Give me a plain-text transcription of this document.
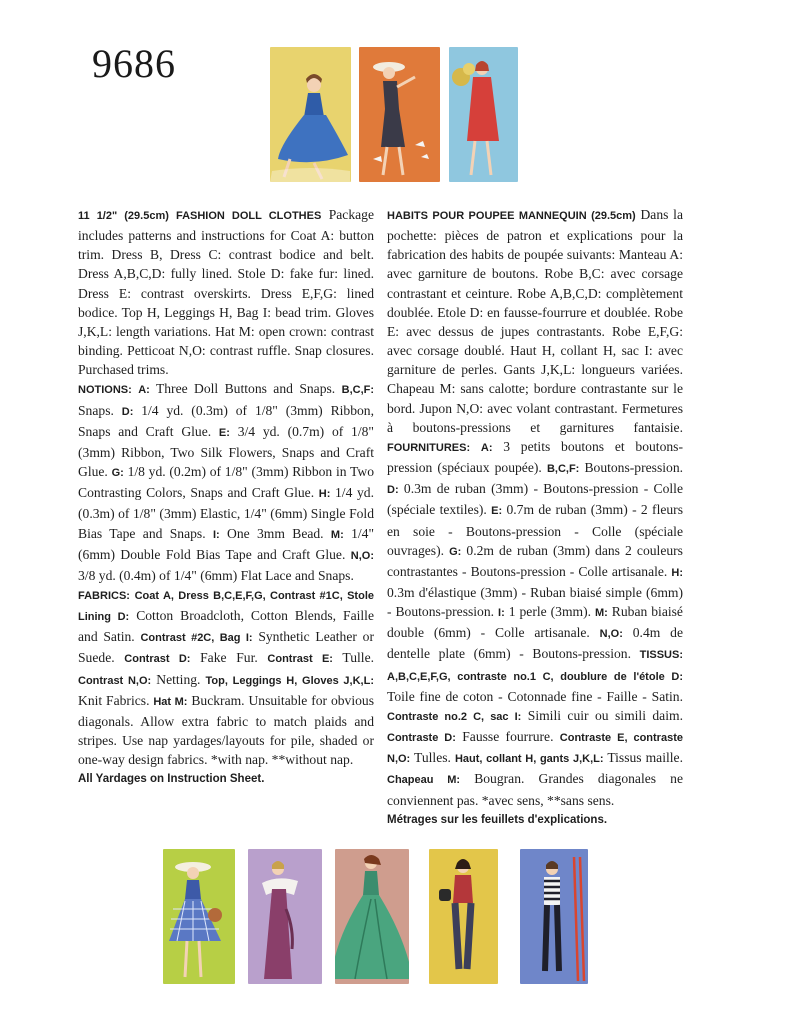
9686

11 1/2" (29.5cm) FASHION DOLL CLOTHES Package includes patterns and instructions for Coat A: button trim. Dress B, Dress C: contrast bodice and belt. Dress A,B,C,D: fully lined. Stole D: fake fur: lined. Dress E: contrast overskirts. Dress E,F,G: lined bodice. Top H, Leggings H, Bag I: bead trim. Gloves J,K,L: length variations. Hat M: open crown: contrast binding. Petticoat N,O: contrast ruffle. Snap closures. Purchased trims.

NOTIONS: A: Three Doll Buttons and Snaps. B,C,F: Snaps. D: 1/4 yd. (0.3m) of 1/8" (3mm) Ribbon, Snaps and Craft Glue. E: 3/4 yd. (0.7m) of 1/8" (3mm) Ribbon, Two Silk Flowers, Snaps and Craft Glue. G: 1/8 yd. (0.2m) of 1/8" (3mm) Ribbon in Two Contrasting Colors, Snaps and Craft Glue. H: 1/4 yd. (0.3m) of 1/8" (3mm) Elastic, 1/4" (6mm) Single Fold Bias Tape and Snaps. I: One 3mm Bead. M: 1/4" (6mm) Double Fold Bias Tape and Craft Glue. N,O: 3/8 yd. (0.4m) of 1/4" (6mm) Flat Lace and Snaps.

FABRICS: Coat A, Dress B,C,E,F,G, Contrast #1C, Stole Lining D: Cotton Broadcloth, Cotton Blends, Faille and Satin. Contrast #2C, Bag I: Synthetic Leather or Suede. Contrast D: Fake Fur. Contrast E: Tulle. Contrast N,O: Netting. Top, Leggings H, Gloves J,K,L: Knit Fabrics. Hat M: Buckram. Unsuitable for obvious diagonals. Allow extra fabric to match plaids and stripes. Use nap yardages/layouts for pile, shaded or one-way design fabrics. *with nap. **without nap.

All Yardages on Instruction Sheet.

HABITS POUR POUPEE MANNEQUIN (29.5cm) Dans la pochette: pièces de patron et explications pour la fabrication des habits de poupée suivants: Manteau A: avec garniture de boutons. Robe B,C: avec corsage contrastant et ceinture. Robe A,B,C,D: complètement doublée. Etole D: en fausse-fourrure et doublée. Robe E: avec dessus de jupes contrastants. Robe E,F,G: avec corsage doublé. Haut H, collant H, sac I: avec garniture de perles. Gants J,K,L: longueurs variées. Chapeau M: sans calotte; bordure contrastante sur le bord. Jupon N,O: avec volant contrastant. Fermetures à boutons-pressions et garnitures fantaisie. FOURNITURES: A: 3 petits boutons et boutons-pression (spéciaux poupée). B,C,F: Boutons-pression. D: 0.3m de ruban (3mm) - Boutons-pression - Colle (spéciale textiles). E: 0.7m de ruban (3mm) - 2 fleurs en soie - Boutons-pression - Colle (spéciale ouvrages). G: 0.2m de ruban (3mm) dans 2 couleurs contrastantes - Boutons-pression - Colle artisanale. H: 0.3m d'élastique (3mm) - Ruban biaisé simple (6mm) - Boutons-pression. I: 1 perle (3mm). M: Ruban biaisé double (6mm) - Colle artisanale. N,O: 0.4m de dentelle plate (6mm) - Boutons-pression. TISSUS: A,B,C,E,F,G, contraste no.1 C, doublure de l'étole D: Toile fine de coton - Cotonnade fine - Faille - Satin. Contraste no.2 C, sac I: Simili cuir ou simili daim. Contraste D: Fausse fourrure. Contraste E, contraste N,O: Tulles. Haut, collant H, gants J,K,L: Tissus maille. Chapeau M: Bougran. Grandes diagonales ne conviennent pas. *avec sens, **sans sens.

Métrages sur les feuillets d'explications.
